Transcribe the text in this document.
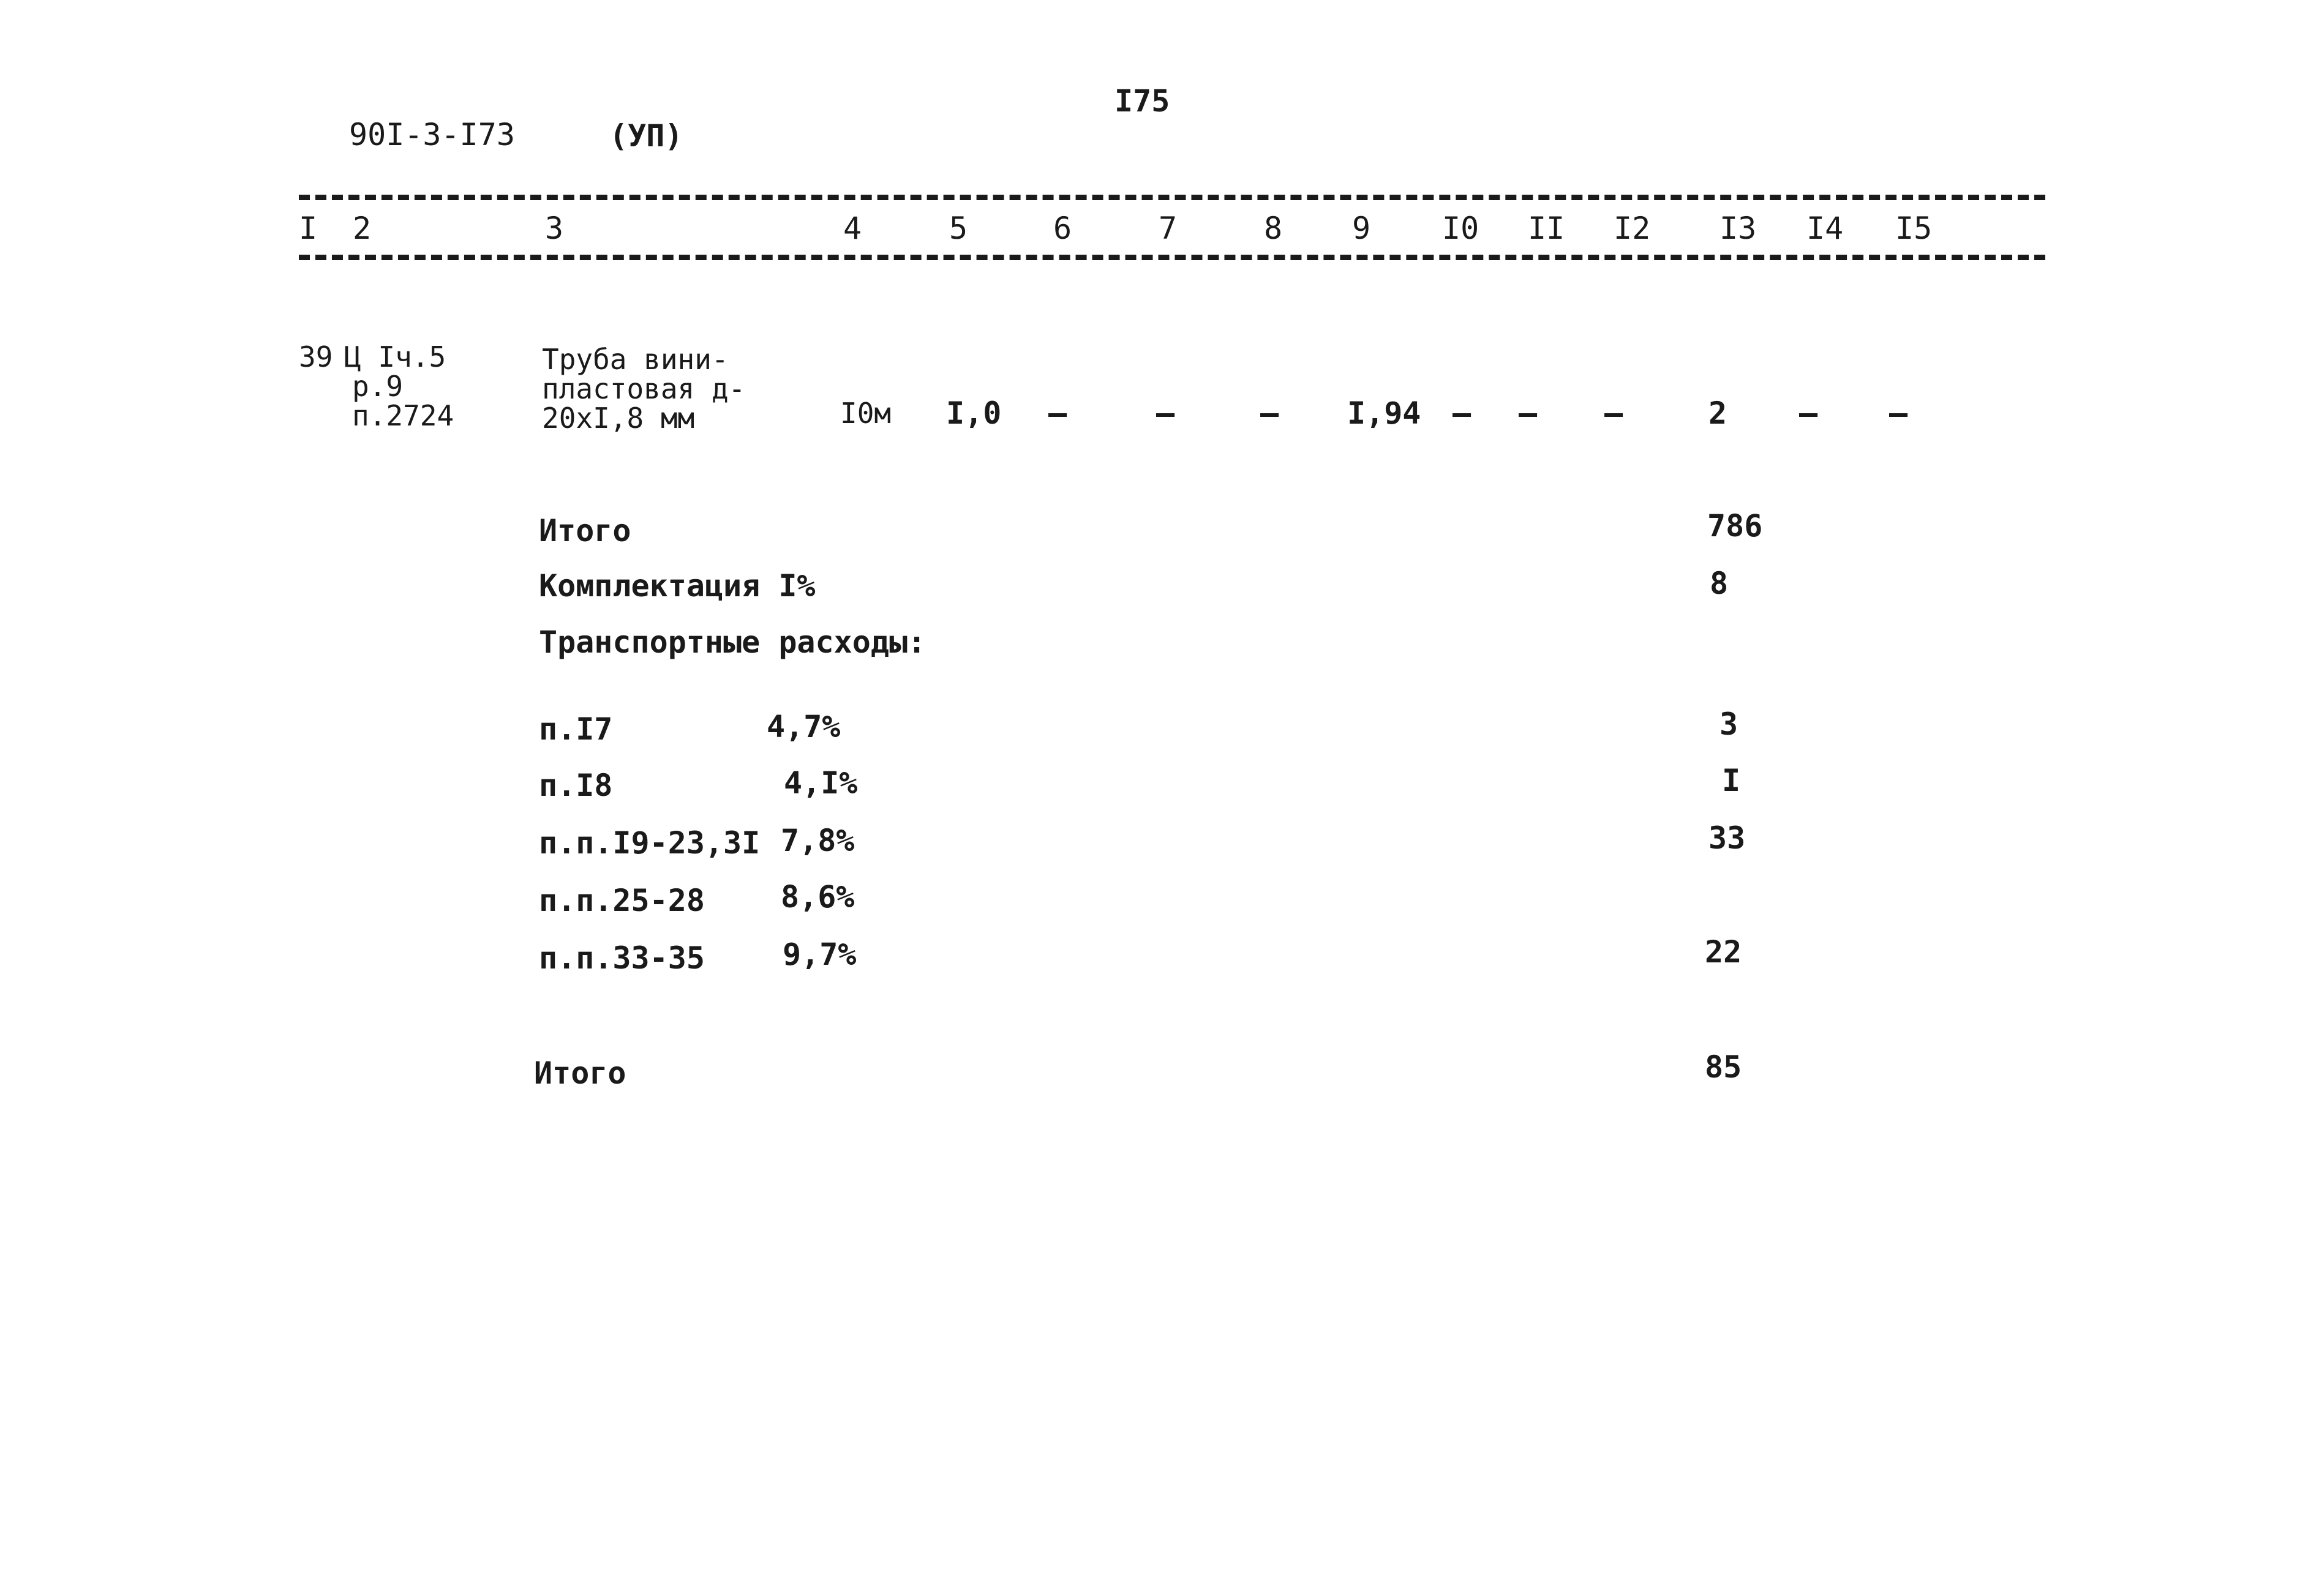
I75
90I-3-I73	(УП)
I 2	3	4	5	6	7	8 9 I0 II I2 I3 I4 I5
39 Ц Iч.5
р.9
п.2724
Труба вини-
пластовая д-
20xI,8 мм	I0м I,0 –	–	– I,94 – – –	2 – –
Итого	786
Комплектация I%	8
Транспортные расходы:
п.I7	4,7%	3
п.I8	4,I%	I
п.п.I9-23,3I 7,8%	33
п.п.25-28 8,6%
п.п.33-35	9,7%	22
Итого	85
